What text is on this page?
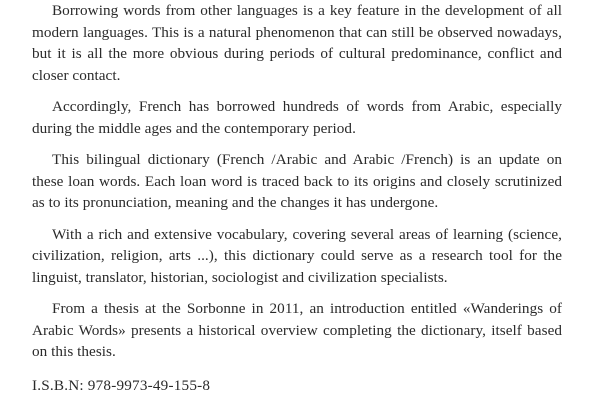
Borrowing words from other languages is a key feature in the development of all modern languages. This is a natural phenomenon that can still be observed nowadays, but it is all the more obvious during periods of cultural predominance, conflict and closer contact.

Accordingly, French has borrowed hundreds of words from Arabic, especially during the middle ages and the contemporary period.

This bilingual dictionary (French /Arabic and Arabic /French) is an update on these loan words. Each loan word is traced back to its origins and closely scrutinized as to its pronunciation, meaning and the changes it has undergone.

With a rich and extensive vocabulary, covering several areas of learning (science, civilization, religion, arts ...), this dictionary could serve as a research tool for the linguist, translator, historian, sociologist and civilization specialists.

From a thesis at the Sorbonne in 2011, an introduction entitled «Wanderings of Arabic Words» presents a historical overview completing the dictionary, itself based on this thesis.

I.S.B.N: 978-9973-49-155-8
